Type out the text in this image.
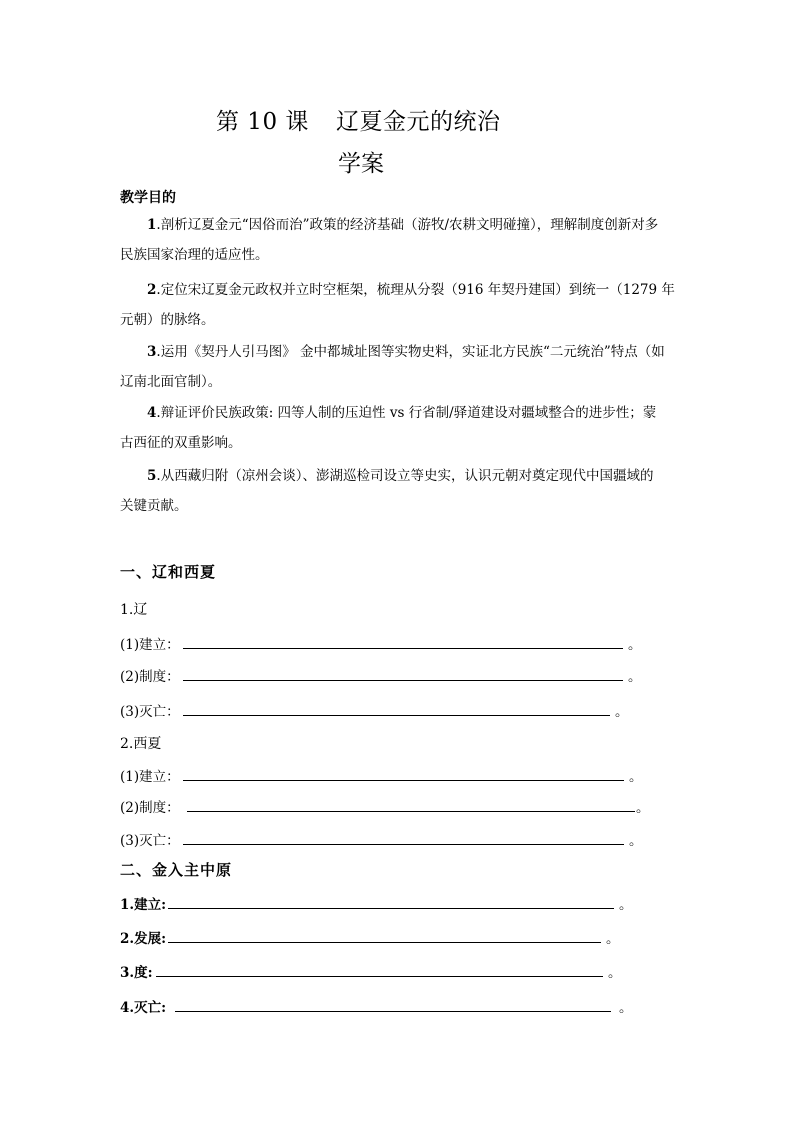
第 10 课 辽夏金元的统治
学案
教学目的
1.剖析辽夏金元“因俗而治”政策的经济基础（游牧/农耕文明碰撞），理解制度创新对多
民族国家治理的适应性。
2.定位宋辽夏金元政权并立时空框架，梳理从分裂（916 年契丹建国）到统一（1279 年
元朝）的脉络。
3.运用《契丹人引马图》 金中都城址图等实物史料，实证北方民族“二元统治”特点（如
辽南北面官制）。
4.辩证评价民族政策: 四等人制的压迫性 vs 行省制/驿道建设对疆域整合的进步性；蒙
古西征的双重影响。
5.从西藏归附（凉州会谈）、澎湖巡检司设立等史实，认识元朝对奠定现代中国疆域的
关键贡献。
一、辽和西夏
1.辽
(1)建立：	。
(2)制度：	。
(3)灭亡：	。
2.西夏
(1)建立：	。
(2)制度：	。
(3)灭亡：	。
二、金入主中原
1.建立:	。
2.发展:	。
3.度:	。
4.灭亡:	。
